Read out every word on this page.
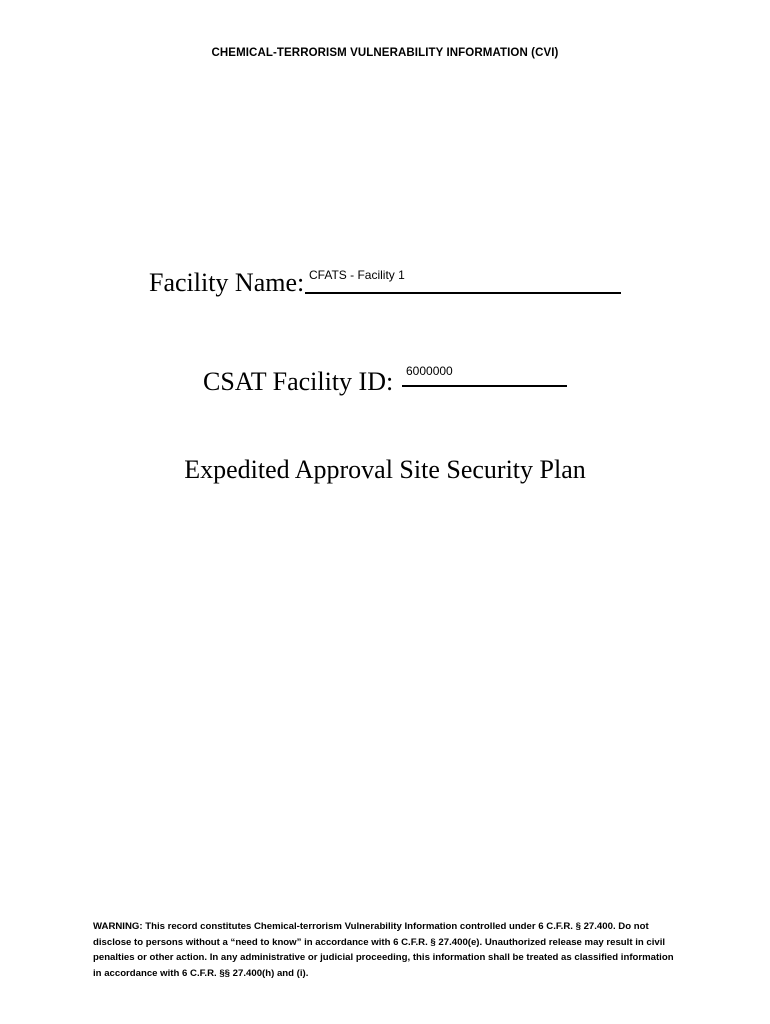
CHEMICAL-TERRORISM VULNERABILITY INFORMATION (CVI)
Facility Name: CFATS - Facility 1
CSAT Facility ID: 6000000
Expedited Approval Site Security Plan
WARNING: This record constitutes Chemical-terrorism Vulnerability Information controlled under 6 C.F.R. § 27.400. Do not disclose to persons without a “need to know” in accordance with 6 C.F.R. § 27.400(e). Unauthorized release may result in civil penalties or other action. In any administrative or judicial proceeding, this information shall be treated as classified information in accordance with 6 C.F.R. §§ 27.400(h) and (i).
